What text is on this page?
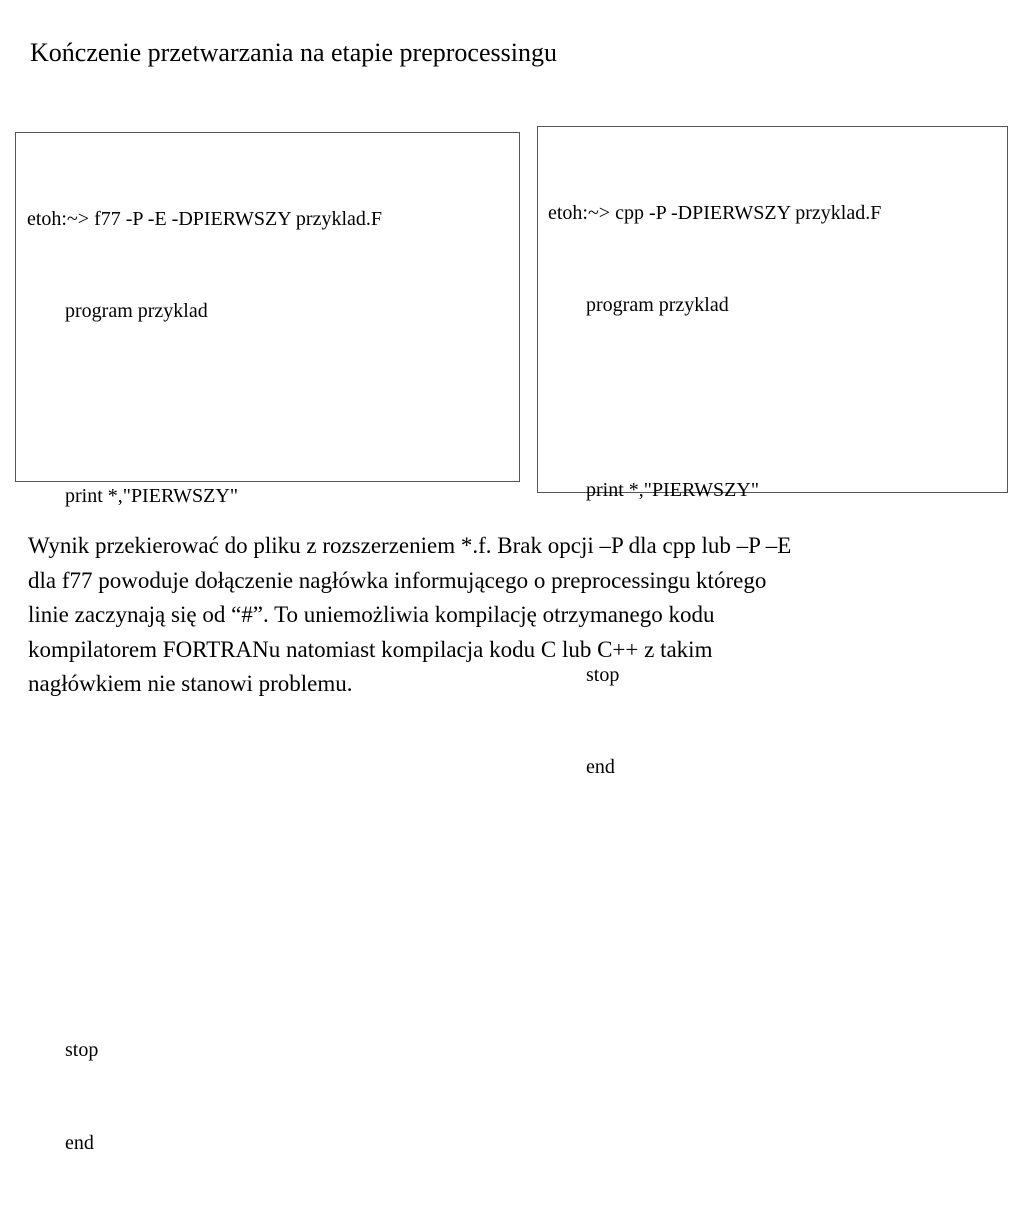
Kończenie przetwarzania na etapie preprocessingu

etoh:~> f77 -P -E -DPIERWSZY przyklad.F

program przyklad

print *,"PIERWSZY"

stop

end

etoh:~> cpp -P -DPIERWSZY przyklad.F

program przyklad

print *,"PIERWSZY"

stop

end

Wynik przekierować do pliku z rozszerzeniem *.f. Brak opcji –P dla cpp lub –P –E
dla f77 powoduje dołączenie nagłówka informującego o preprocessingu którego
linie zaczynają się od “#”. To uniemożliwia kompilację otrzymanego kodu
kompilatorem FORTRANu natomiast kompilacja kodu C lub C++ z takim
nagłówkiem nie stanowi problemu.
